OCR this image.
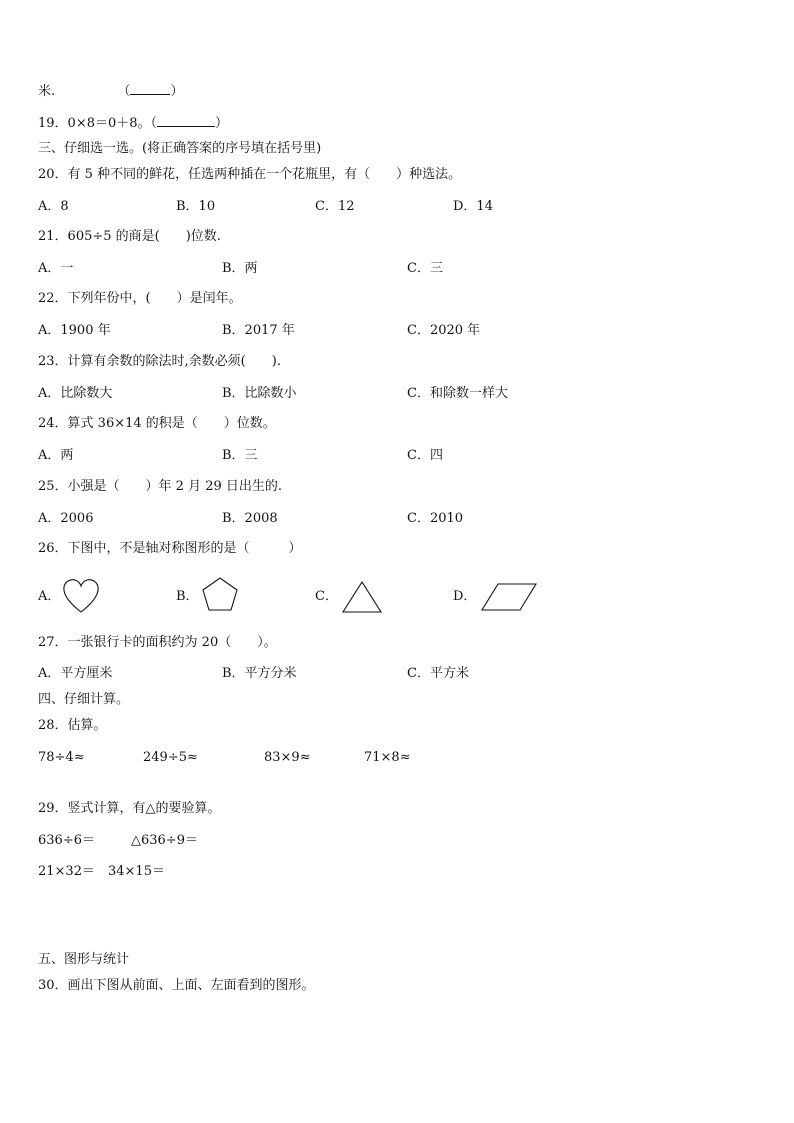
米.	（	）
19．0×8＝0＋8。（	）
三、仔细选一选。(将正确答案的序号填在括号里)
20．有 5 种不同的鲜花，任选两种插在一个花瓶里，有（　　）种选法。
A．8	B．10	C．12	D．14
21．605÷5 的商是(　　)位数.
A．一	B．两	C．三
22．下列年份中，(　　）是闰年。
A．1900 年	B．2017 年	C．2020 年
23．计算有余数的除法时,余数必须(　　).
A．比除数大	B．比除数小	C．和除数一样大
24．算式 36×14 的积是（　　）位数。
A．两	B．三	C．四
25．小强是（　　）年 2 月 29 日出生的.
A．2006	B．2008	C．2010
26．下图中，不是轴对称图形的是（　　　）
A．	B．	C．	D．
27．一张银行卡的面积约为 20（　　）。
A．平方厘米	B．平方分米	C．平方米
四、仔细计算。
28．估算。
78÷4≈	249÷5≈	83×9≈	71×8≈
29．竖式计算，有△的要验算。
636÷6＝	△636÷9＝
21×32＝ 34×15＝
五、图形与统计
30．画出下图从前面、上面、左面看到的图形。
